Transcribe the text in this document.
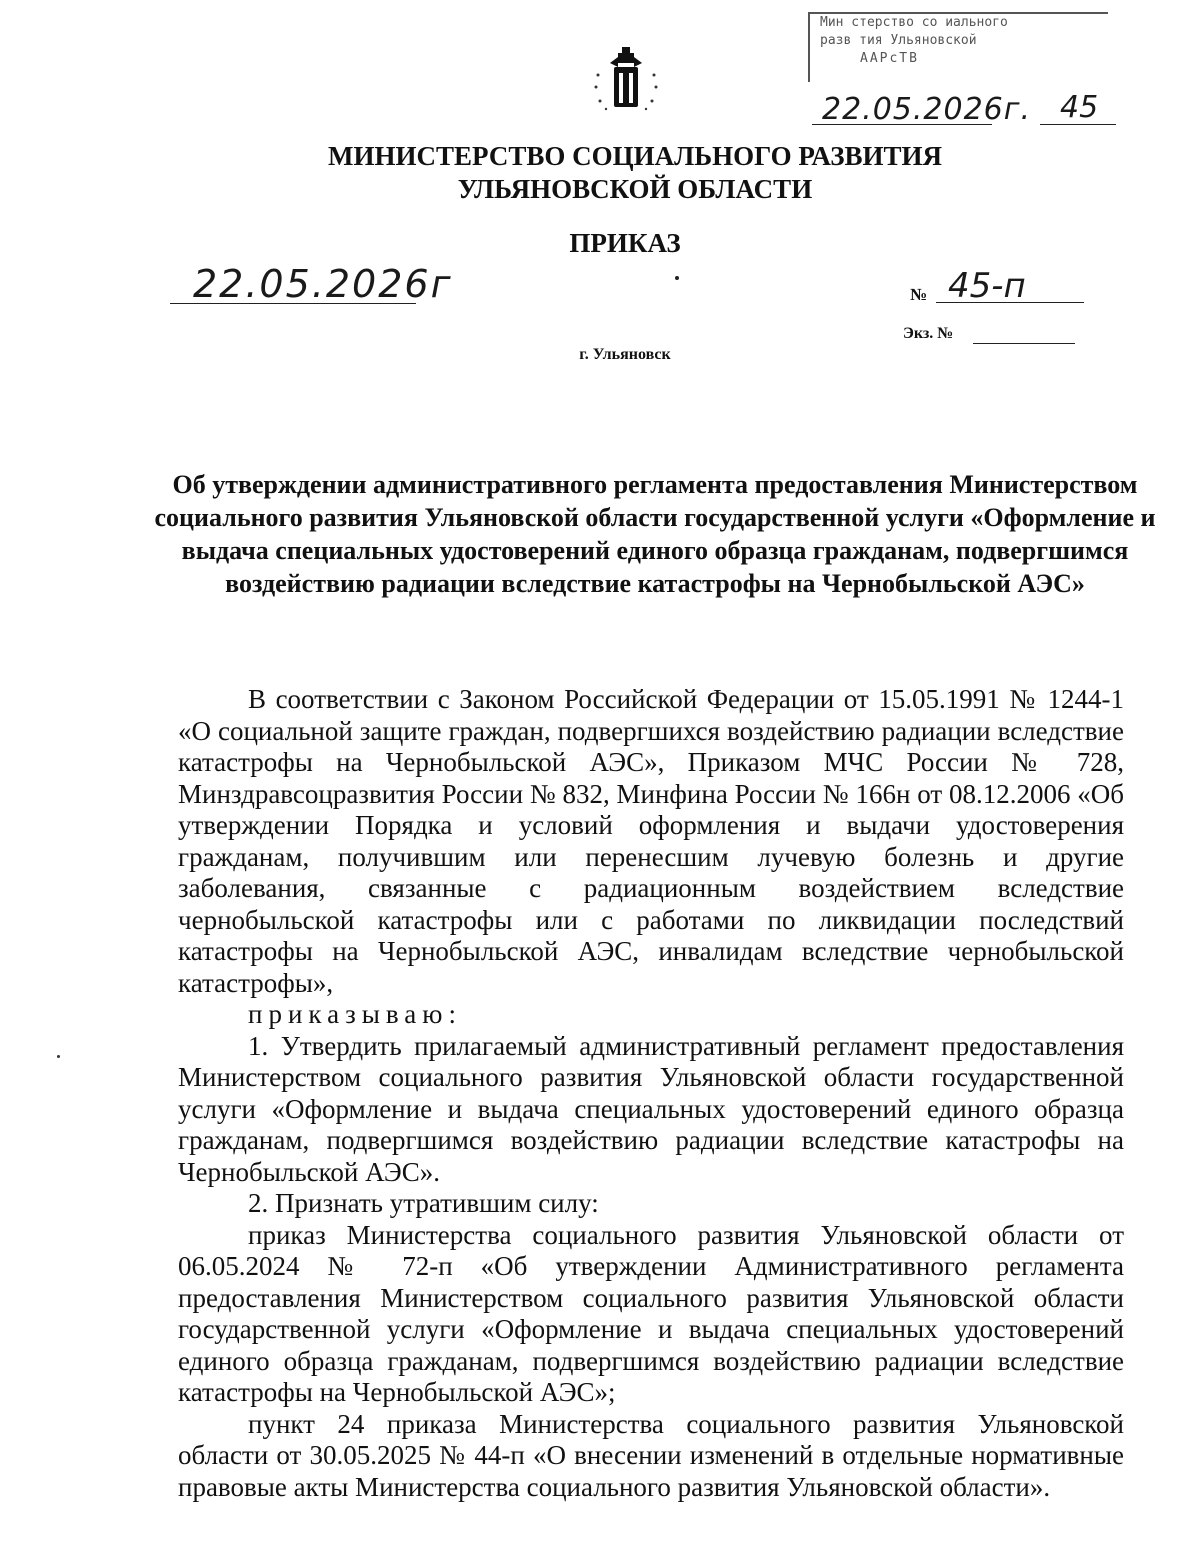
Мин стерство со иального
разв тия Ульяновской
ААРсТВ
22.05.2026г. 45
МИНИСТЕРСТВО СОЦИАЛЬНОГО РАЗВИТИЯ
УЛЬЯНОВСКОЙ ОБЛАСТИ
ПРИКАЗ
22.05.2026г	№ 45-п
Экз. №
г. Ульяновск
Об утверждении административного регламента предоставления Министерством социального развития Ульяновской области государственной услуги «Оформление и выдача специальных удостоверений единого образца гражданам, подвергшимся воздействию радиации вследствие катастрофы на Чернобыльской АЭС»

В соответствии с Законом Российской Федерации от 15.05.1991 № 1244-1 «О социальной защите граждан, подвергшихся воздействию радиации вследствие катастрофы на Чернобыльской АЭС», Приказом МЧС России № 728, Минздравсоцразвития России № 832, Минфина России № 166н от 08.12.2006 «Об утверждении Порядка и условий оформления и выдачи удостоверения гражданам, получившим или перенесшим лучевую болезнь и другие заболевания, связанные с радиационным воздействием вследствие чернобыльской катастрофы или с работами по ликвидации последствий катастрофы на Чернобыльской АЭС, инвалидам вследствие чернобыльской катастрофы»,

приказываю:

1. Утвердить прилагаемый административный регламент предоставления Министерством социального развития Ульяновской области государственной услуги «Оформление и выдача специальных удостоверений единого образца гражданам, подвергшимся воздействию радиации вследствие катастрофы на Чернобыльской АЭС».

2. Признать утратившим силу:

приказ Министерства социального развития Ульяновской области от 06.05.2024 № 72-п «Об утверждении Административного регламента предоставления Министерством социального развития Ульяновской области государственной услуги «Оформление и выдача специальных удостоверений единого образца гражданам, подвергшимся воздействию радиации вследствие катастрофы на Чернобыльской АЭС»;

пункт 24 приказа Министерства социального развития Ульяновской области от 30.05.2025 № 44-п «О внесении изменений в отдельные нормативные правовые акты Министерства социального развития Ульяновской области».
